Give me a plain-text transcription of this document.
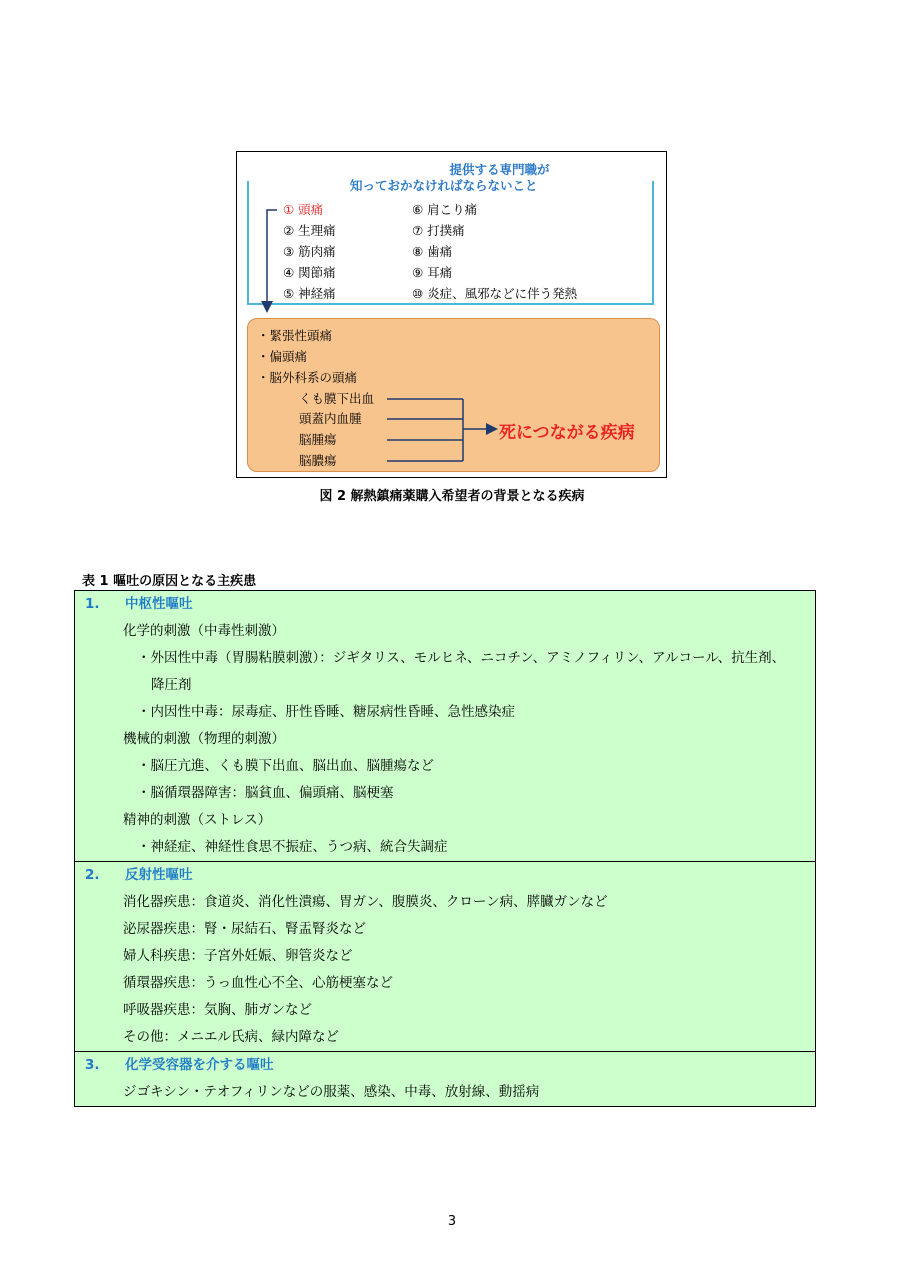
提供する専門職が
知っておかなければならないこと
① 頭痛
② 生理痛
③ 筋肉痛
④ 関節痛
⑤ 神経痛
⑥ 肩こり痛
⑦ 打撲痛
⑧ 歯痛
⑨ 耳痛
⑩ 炎症、風邪などに伴う発熱
・緊張性頭痛
・偏頭痛
・脳外科系の頭痛
くも膜下出血
頭蓋内血腫
脳腫瘍
脳膿瘍
死につながる疾病
図 2 解熱鎮痛薬購入希望者の背景となる疾病
表 1 嘔吐の原因となる主疾患
1. 中枢性嘔吐
化学的刺激（中毒性刺激）
・外因性中毒（胃腸粘膜刺激）：ジギタリス、モルヒネ、ニコチン、アミノフィリン、アルコール、抗生剤、
降圧剤
・内因性中毒：尿毒症、肝性昏睡、糖尿病性昏睡、急性感染症
機械的刺激（物理的刺激）
・脳圧亢進、くも膜下出血、脳出血、脳腫瘍など
・脳循環器障害：脳貧血、偏頭痛、脳梗塞
精神的刺激（ストレス）
・神経症、神経性食思不振症、うつ病、統合失調症
2. 反射性嘔吐
消化器疾患：食道炎、消化性潰瘍、胃ガン、腹膜炎、クローン病、膵臓ガンなど
泌尿器疾患：腎・尿結石、腎盂腎炎など
婦人科疾患：子宮外妊娠、卵管炎など
循環器疾患：うっ血性心不全、心筋梗塞など
呼吸器疾患：気胸、肺ガンなど
その他：メニエル氏病、緑内障など
3. 化学受容器を介する嘔吐
ジゴキシン・テオフィリンなどの服薬、感染、中毒、放射線、動揺病
3
